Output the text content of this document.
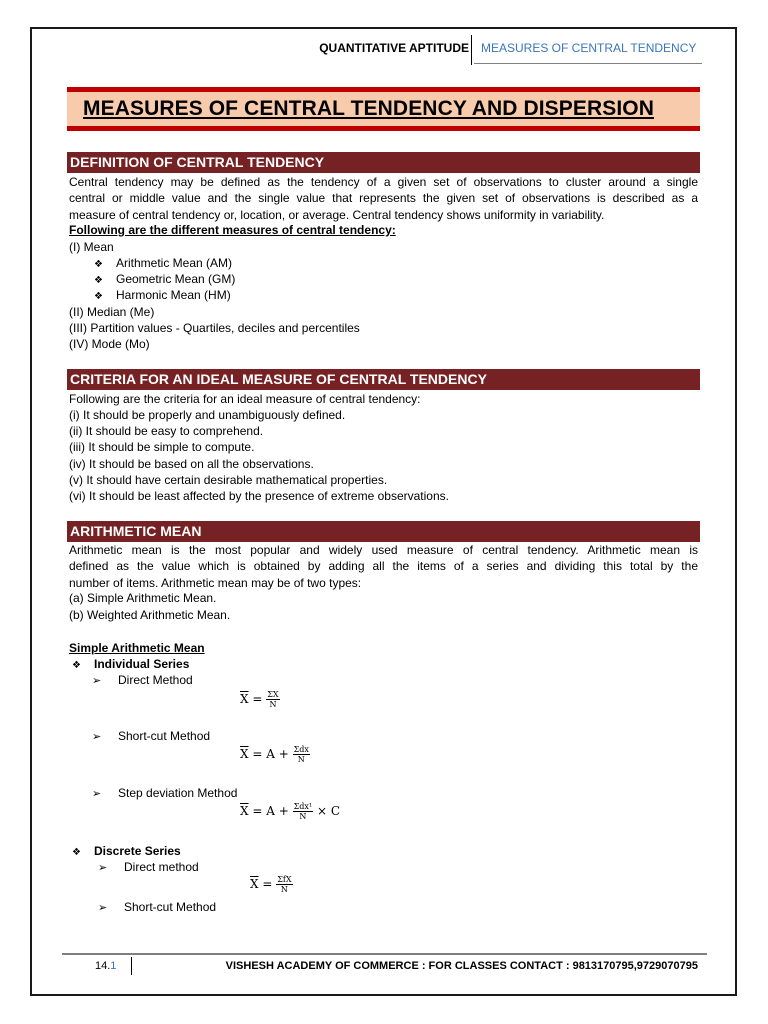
QUANTITATIVE APTITUDE MEASURES OF CENTRAL TENDENCY
MEASURES OF CENTRAL TENDENCY AND DISPERSION
DEFINITION OF CENTRAL TENDENCY

Central tendency may be defined as the tendency of a given set of observations to cluster around a single

central or middle value and the single value that represents the given set of observations is described as a

measure of central tendency or, location, or average. Central tendency shows uniformity in variability.

Following are the different measures of central tendency:
(I) Mean
❖ Arithmetic Mean (AM)
❖ Geometric Mean (GM)
❖ Harmonic Mean (HM)
(II) Median (Me)
(III) Partition values - Quartiles, deciles and percentiles
(IV) Mode (Mo)
CRITERIA FOR AN IDEAL MEASURE OF CENTRAL TENDENCY
Following are the criteria for an ideal measure of central tendency:
(i) It should be properly and unambiguously defined.
(ii) It should be easy to comprehend.
(iii) It should be simple to compute.
(iv) It should be based on all the observations.
(v) It should have certain desirable mathematical properties.
(vi) It should be least affected by the presence of extreme observations.
ARITHMETIC MEAN

Arithmetic mean is the most popular and widely used measure of central tendency. Arithmetic mean is

defined as the value which is obtained by adding all the items of a series and dividing this total by the

number of items. Arithmetic mean may be of two types:

(a) Simple Arithmetic Mean.
(b) Weighted Arithmetic Mean.
Simple Arithmetic Mean
❖ Individual Series
➢ Direct Method
$\overline{X} = \frac{\Sigma X}{N}$
➢ Short-cut Method
$\overline{X} = A + \frac{\text{Σdx}}{N}$
➢ Step deviation Method
$\overline{X} = A + \frac{\text{Σdx¹}}{N} \times C$
❖ Discrete Series
➢ Direct method
$\overline{X} = \frac{\text{ΣfX}}{N}$
➢ Short-cut Method
14.1	VISHESH ACADEMY OF COMMERCE : FOR CLASSES CONTACT : 9813170795,9729070795
